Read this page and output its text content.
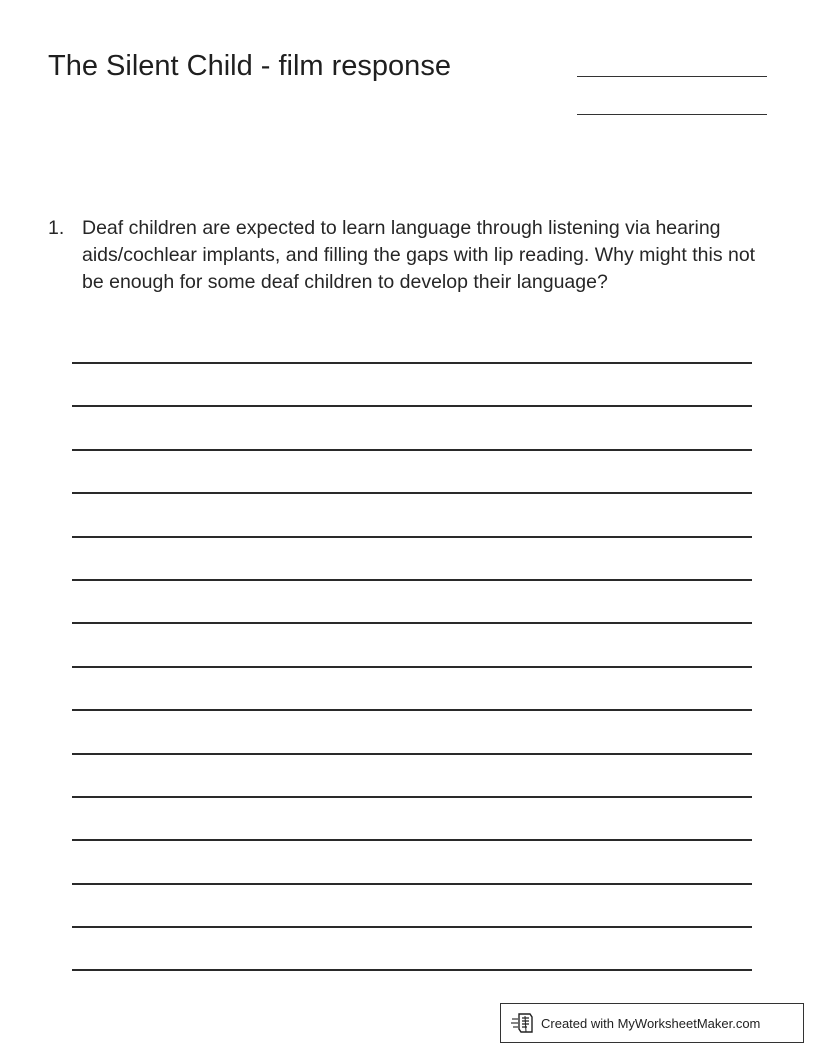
The Silent Child - film response
1. Deaf children are expected to learn language through listening via hearing aids/cochlear implants, and filling the gaps with lip reading. Why might this not be enough for some deaf children to develop their language?
Created with MyWorksheetMaker.com
